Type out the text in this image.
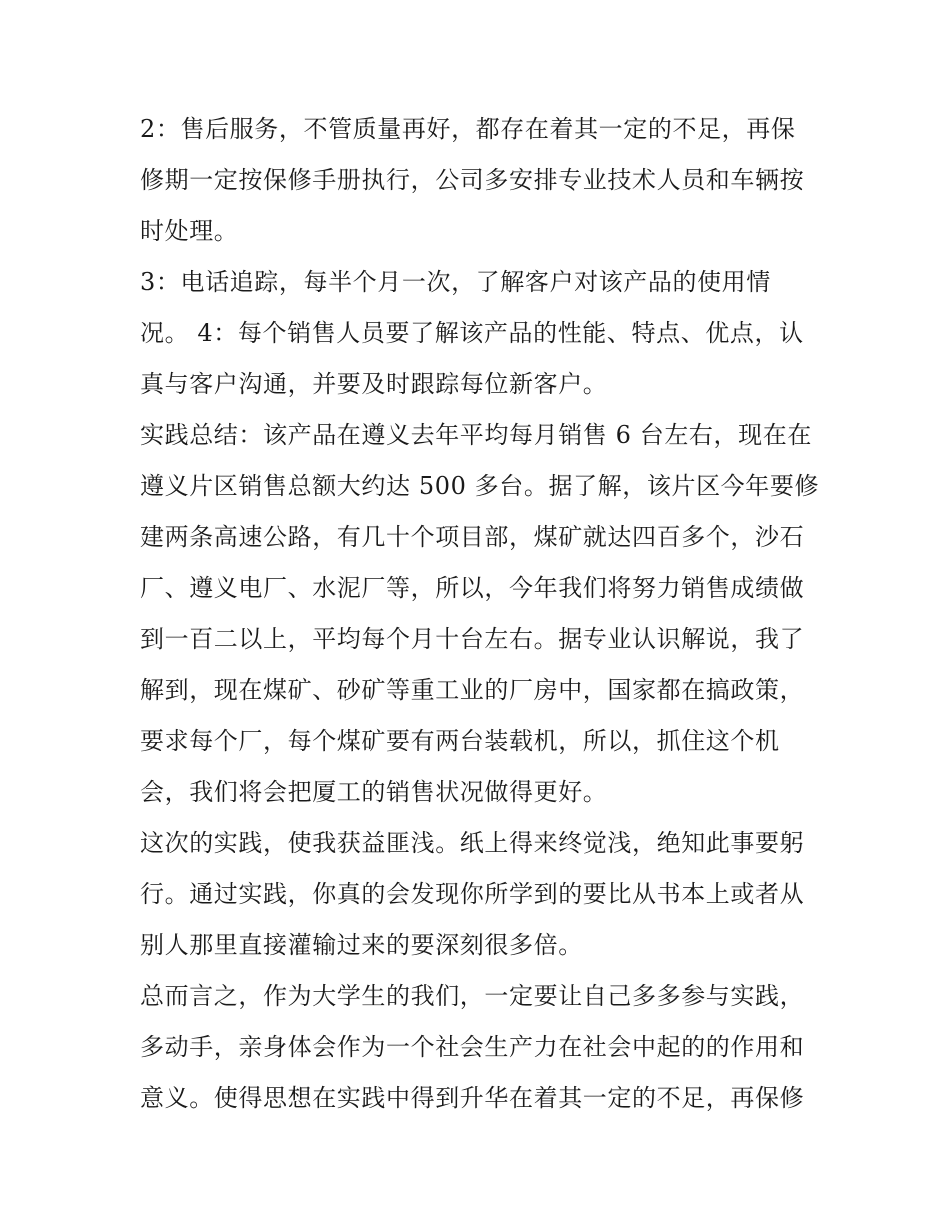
2：售后服务，不管质量再好，都存在着其一定的不足，再保修期一定按保修手册执行，公司多安排专业技术人员和车辆按时处理。

3：电话追踪，每半个月一次，了解客户对该产品的使用情况。 4：每个销售人员要了解该产品的性能、特点、优点，认真与客户沟通，并要及时跟踪每位新客户。

实践总结：该产品在遵义去年平均每月销售 6 台左右，现在在遵义片区销售总额大约达 500 多台。据了解，该片区今年要修建两条高速公路，有几十个项目部，煤矿就达四百多个，沙石厂、遵义电厂、水泥厂等，所以，今年我们将努力销售成绩做到一百二以上，平均每个月十台左右。据专业认识解说，我了解到，现在煤矿、砂矿等重工业的厂房中，国家都在搞政策，要求每个厂，每个煤矿要有两台装载机，所以，抓住这个机会，我们将会把厦工的销售状况做得更好。

这次的实践，使我获益匪浅。纸上得来终觉浅，绝知此事要躬行。通过实践，你真的会发现你所学到的要比从书本上或者从别人那里直接灌输过来的要深刻很多倍。

总而言之，作为大学生的我们，一定要让自己多多参与实践，多动手，亲身体会作为一个社会生产力在社会中起的的作用和意义。使得思想在实践中得到升华在着其一定的不足，再保修
